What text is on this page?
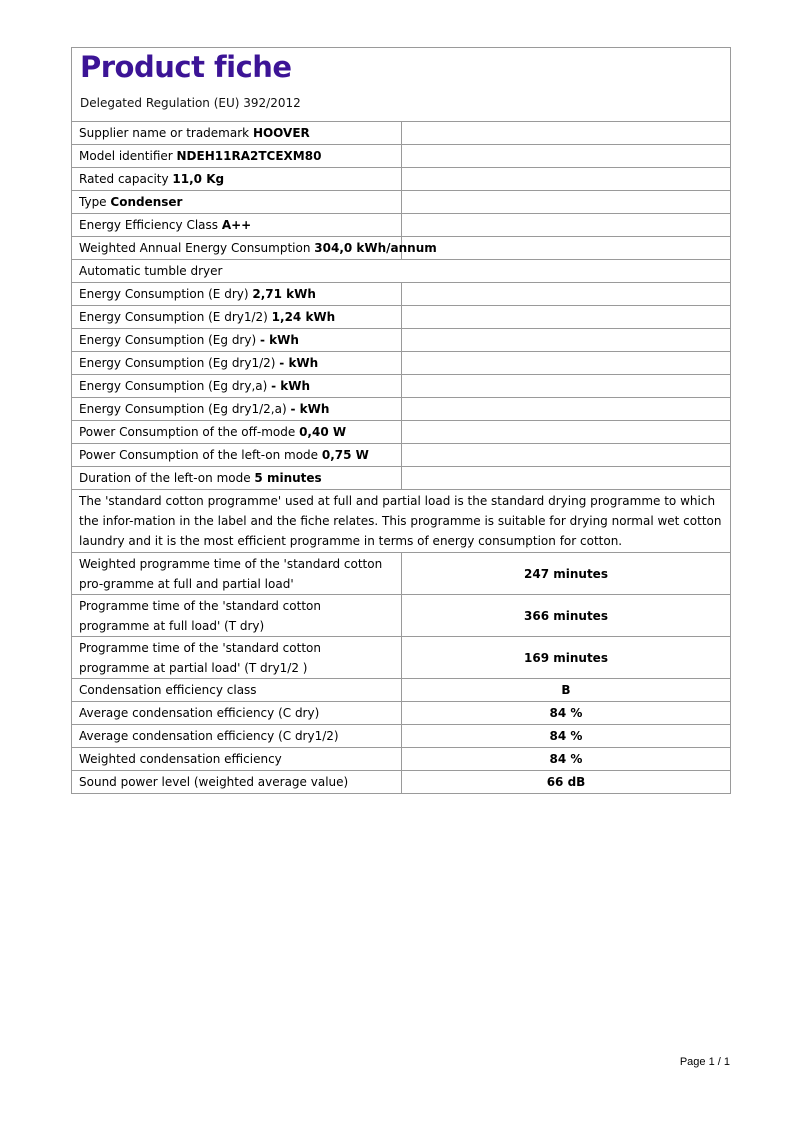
Product fiche
Delegated Regulation (EU) 392/2012
Supplier name or trademark HOOVER	
Model identifier NDEH11RA2TCEXM80	
Rated capacity 11,0 Kg	
Type Condenser	
Energy Efficiency Class A++	
Weighted Annual Energy Consumption 304,0 kWh/annum	
Automatic tumble dryer	
Energy Consumption (E dry) 2,71 kWh	
Energy Consumption (E dry1/2) 1,24 kWh	
Energy Consumption (Eg dry) - kWh	
Energy Consumption (Eg dry1/2) - kWh	
Energy Consumption (Eg dry,a) - kWh	
Energy Consumption (Eg dry1/2,a) - kWh	
Power Consumption of the off-mode 0,40 W	
Power Consumption of the left-on mode 0,75 W	
Duration of the left-on mode 5 minutes	
The 'standard cotton programme' used at full and partial load is the standard drying programme to which the infor-mation in the label and the fiche relates. This programme is suitable for drying normal wet cotton laundry and it is the most efficient programme in terms of energy consumption for cotton.	
Weighted programme time of the 'standard cotton pro-gramme at full and partial load'	247 minutes
Programme time of the 'standard cotton programme at full load' (T dry)	366 minutes
Programme time of the 'standard cotton programme at partial load' (T dry1/2 )	169 minutes
Condensation efficiency class	B
Average condensation efficiency (C dry)	84 %
Average condensation efficiency (C dry1/2)	84 %
Weighted condensation efficiency	84 %
Sound power level (weighted average value)	66 dB
Page 1 / 1
